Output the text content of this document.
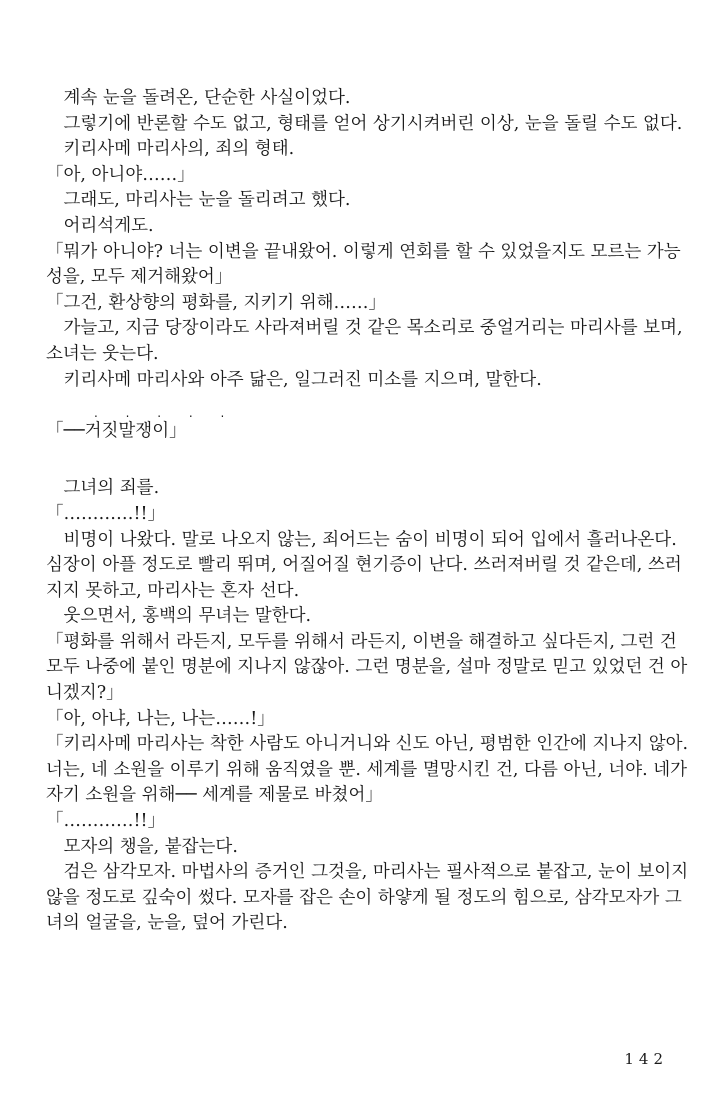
계속 눈을 돌려온, 단순한 사실이었다.

그렇기에 반론할 수도 없고, 형태를 얻어 상기시켜버린 이상, 눈을 돌릴 수도 없다.

키리사메 마리사의, 죄의 형태.

「아, 아니야……」

그래도, 마리사는 눈을 돌리려고 했다.

어리석게도.

「뭐가 아니야? 너는 이변을 끝내왔어. 이렇게 연회를 할 수 있었을지도 모르는 가능성을, 모두 제거해왔어」

「그건, 환상향의 평화를, 지키기 위해……」

가늘고, 지금 당장이라도 사라져버릴 것 같은 목소리로 중얼거리는 마리사를 보며, 소녀는 웃는다.

키리사메 마리사와 아주 닮은, 일그러진 미소를 지으며, 말한다.

. . . . .

「──거짓말쟁이」

그녀의 죄를.

「…………!!」

비명이 나왔다. 말로 나오지 않는, 죄어드는 숨이 비명이 되어 입에서 흘러나온다. 심장이 아플 정도로 빨리 뛰며, 어질어질 현기증이 난다. 쓰러져버릴 것 같은데, 쓰러지지 못하고, 마리사는 혼자 선다.

웃으면서, 홍백의 무녀는 말한다.

「평화를 위해서 라든지, 모두를 위해서 라든지, 이변을 해결하고 싶다든지, 그런 건 모두 나중에 붙인 명분에 지나지 않잖아. 그런 명분을, 설마 정말로 믿고 있었던 건 아니겠지?」

「아, 아냐, 나는, 나는……!」

「키리사메 마리사는 착한 사람도 아니거니와 신도 아닌, 평범한 인간에 지나지 않아. 너는, 네 소원을 이루기 위해 움직였을 뿐. 세계를 멸망시킨 건, 다름 아닌, 너야. 네가 자기 소원을 위해── 세계를 제물로 바쳤어」

「…………!!」

모자의 챙을, 붙잡는다.

검은 삼각모자. 마법사의 증거인 그것을, 마리사는 필사적으로 붙잡고, 눈이 보이지 않을 정도로 깊숙이 썼다. 모자를 잡은 손이 하얗게 될 정도의 힘으로, 삼각모자가 그녀의 얼굴을, 눈을, 덮어 가린다.

142
